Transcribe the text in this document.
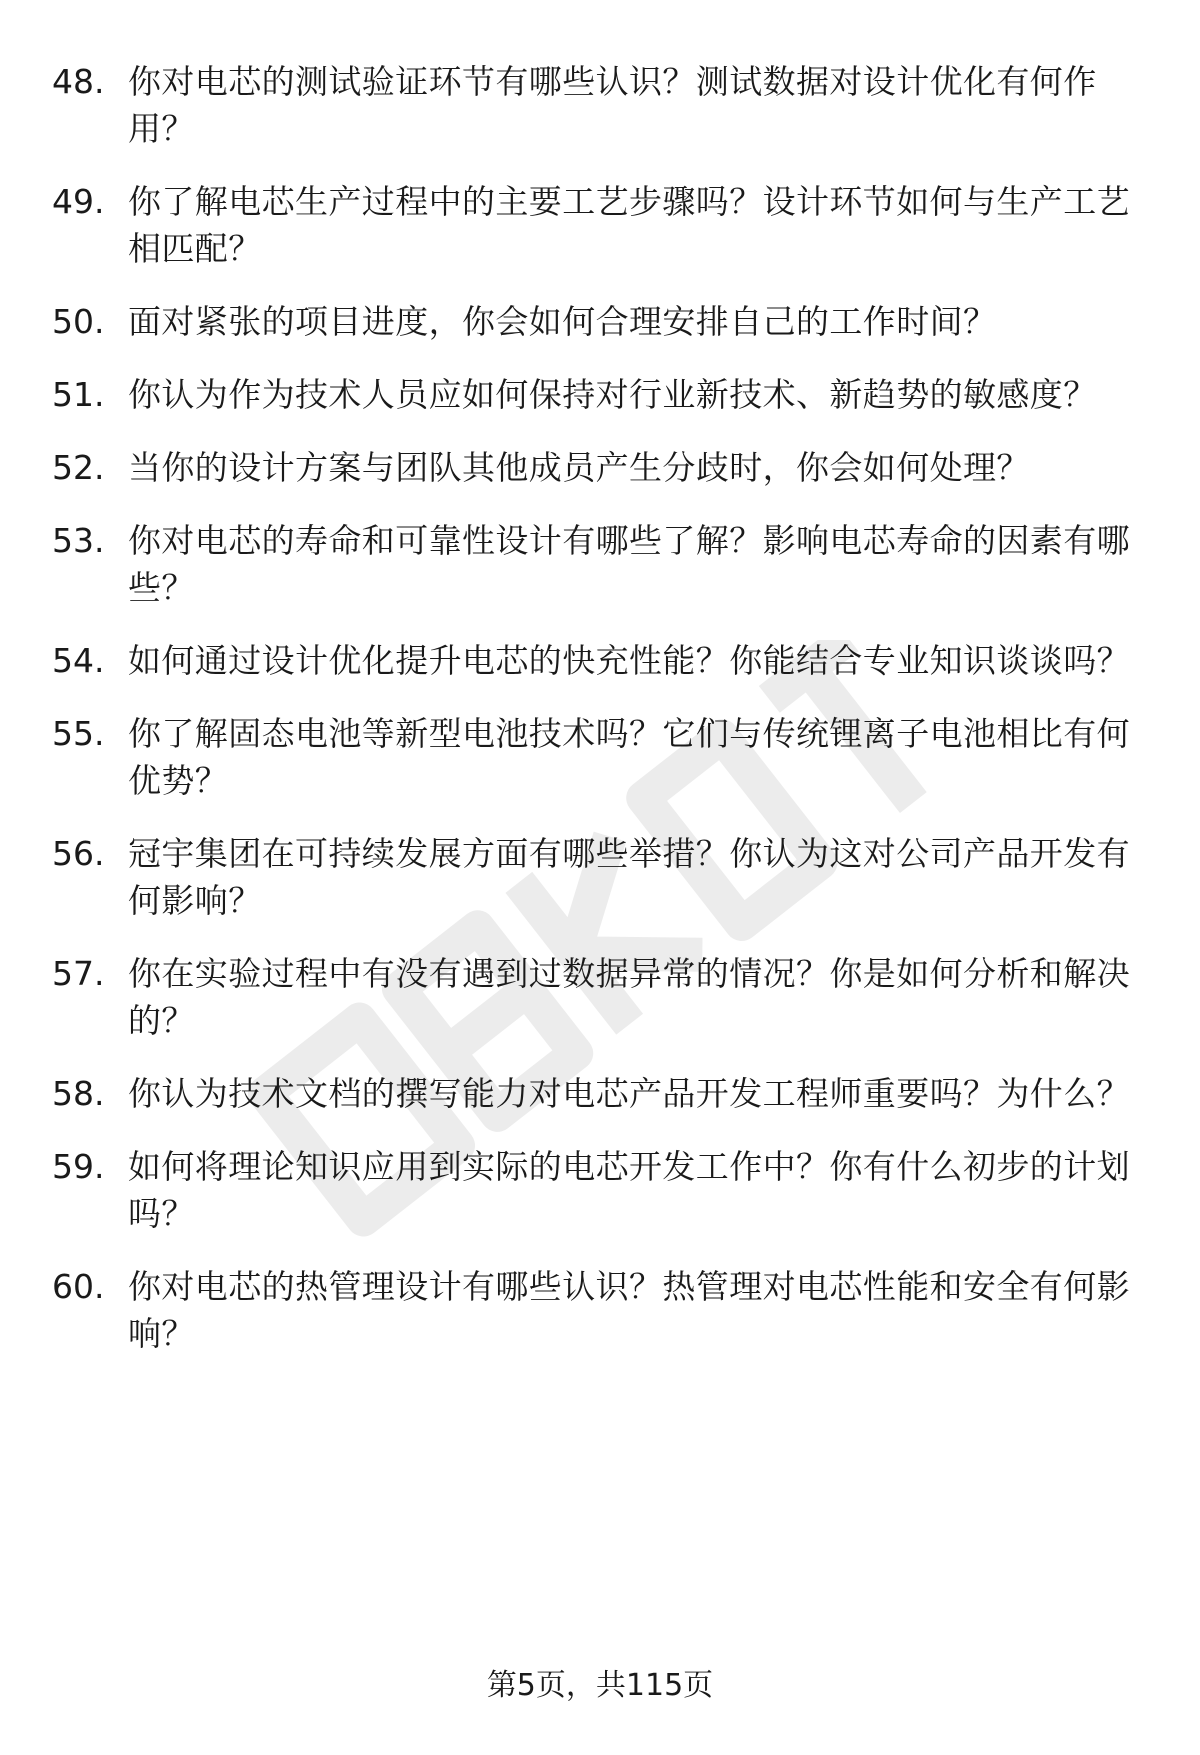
48. 你对电芯的测试验证环节有哪些认识？测试数据对设计优化有何作用？
49. 你了解电芯生产过程中的主要工艺步骤吗？设计环节如何与生产工艺相匹配？
50. 面对紧张的项目进度，你会如何合理安排自己的工作时间？
51. 你认为作为技术人员应如何保持对行业新技术、新趋势的敏感度？
52. 当你的设计方案与团队其他成员产生分歧时，你会如何处理？
53. 你对电芯的寿命和可靠性设计有哪些了解？影响电芯寿命的因素有哪些？
54. 如何通过设计优化提升电芯的快充性能？你能结合专业知识谈谈吗？
55. 你了解固态电池等新型电池技术吗？它们与传统锂离子电池相比有何优势？
56. 冠宇集团在可持续发展方面有哪些举措？你认为这对公司产品开发有何影响？
57. 你在实验过程中有没有遇到过数据异常的情况？你是如何分析和解决的？
58. 你认为技术文档的撰写能力对电芯产品开发工程师重要吗？为什么？
59. 如何将理论知识应用到实际的电芯开发工作中？你有什么初步的计划吗？
60. 你对电芯的热管理设计有哪些认识？热管理对电芯性能和安全有何影响？
第5页，共115页
